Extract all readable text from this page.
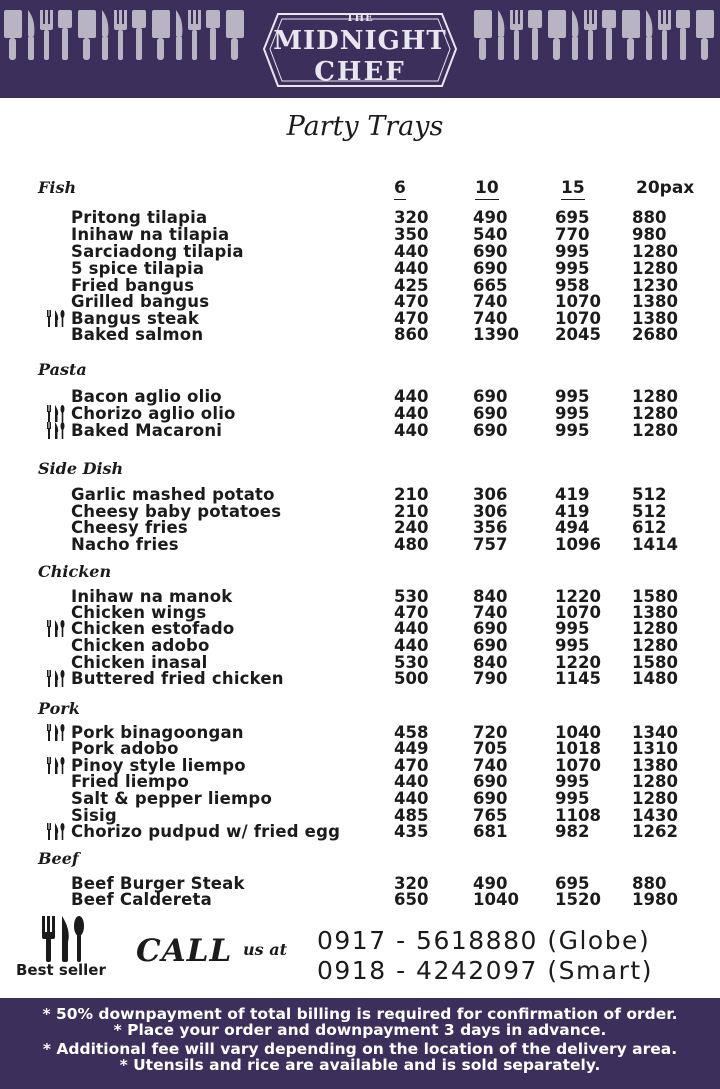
THE
MIDNIGHT
CHEF
Party Trays
6	10	15	20pax
Fish
Pritong tilapia	320	490	695	880
Inihaw na tilapia	350	540	770	980
Sarciadong tilapia	440	690	995	1280
5 spice tilapia	440	690	995	1280
Fried bangus	425	665	958	1230
Grilled bangus	470	740	1070 1380
Bangus steak	470	740	1070 1380
Baked salmon	860	1390 2045 2680
Pasta
Bacon aglio olio	440	690	995	1280
Chorizo aglio olio	440	690	995	1280
Baked Macaroni	440	690	995	1280
Side Dish
Garlic mashed potato	210	306	419	512
Cheesy baby potatoes	210	306	419	512
Cheesy fries	240	356	494	612
Nacho fries	480	757	1096 1414
Chicken
Inihaw na manok	530	840	1220 1580
Chicken wings	470	740	1070 1380
Chicken estofado	440	690	995	1280
Chicken adobo	440	690	995	1280
Chicken inasal	530	840	1220 1580
Buttered fried chicken	500	790	1145 1480
Pork
Pork binagoongan	458	720	1040 1340
Pork adobo	449	705	1018 1310
Pinoy style liempo	470	740	1070 1380
Fried liempo	440	690	995	1280
Salt & pepper liempo	440	690	995	1280
Sisig	485	765	1108 1430
Chorizo pudpud w/ fried egg	435	681	982	1262
Beef
Beef Burger Steak	320	490	695	880
Beef Caldereta	650	1040 1520 1980
Best seller
CALL us at 0917 - 5618880 (Globe)
0918 - 4242097 (Smart)
* 50% downpayment of total billing is required for confirmation of order.
* Place your order and downpayment 3 days in advance.
* Additional fee will vary depending on the location of the delivery area.
* Utensils and rice are available and is sold separately.
